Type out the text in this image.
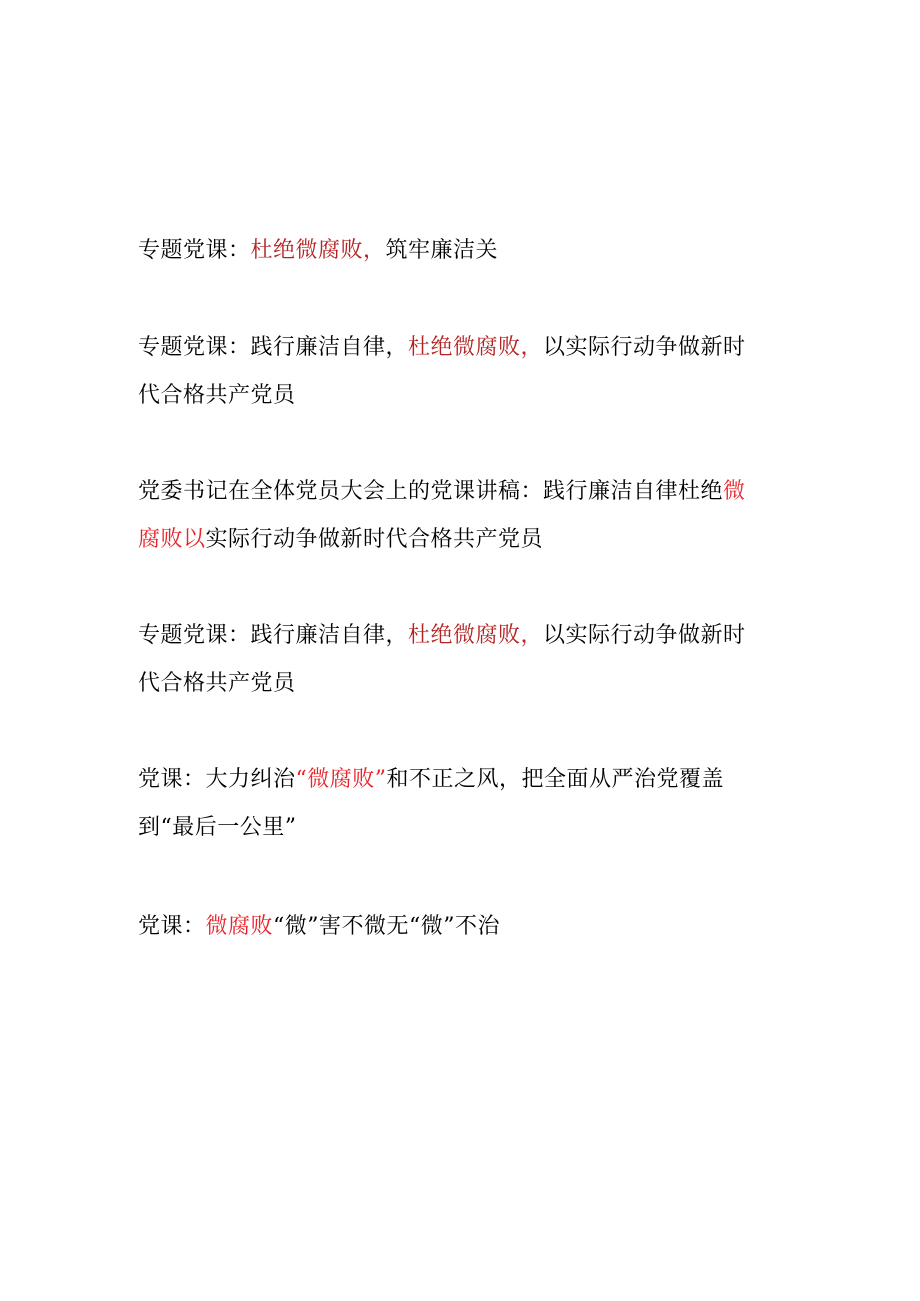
专题党课：杜绝微腐败，筑牢廉洁关

专题党课：践行廉洁自律，杜绝微腐败，以实际行动争做新时
代合格共产党员

党委书记在全体党员大会上的党课讲稿：践行廉洁自律杜绝微
腐败以实际行动争做新时代合格共产党员

专题党课：践行廉洁自律，杜绝微腐败，以实际行动争做新时
代合格共产党员

党课：大力纠治“微腐败”和不正之风，把全面从严治党覆盖
到“最后一公里”

党课：微腐败“微”害不微无“微”不治
